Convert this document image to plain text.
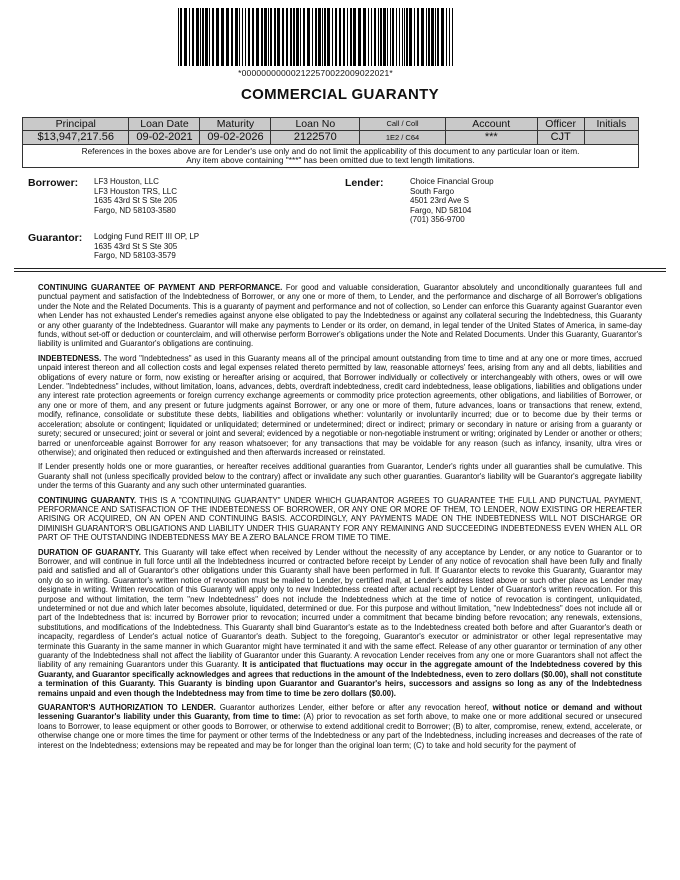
*000000000002122570022009022021*
COMMERCIAL GUARANTY
Principal	Loan Date	Maturity	Loan No	Call / Coll	Account	Officer	Initials
$13,947,217.56	09-02-2021	09-02-2026	2122570	1E2 / C64	***	CJT	
References in the boxes above are for Lender's use only and do not limit the applicability of this document to any particular loan or item.
Any item above containing "***" has been omitted due to text length limitations.							
Borrower: LF3 Houston, LLC
LF3 Houston TRS, LLC
1635 43rd St S Ste 205
Fargo, ND 58103-3580
Lender:	Choice Financial Group
South Fargo
4501 23rd Ave S
Fargo, ND 58104
(701) 356-9700
Guarantor: Lodging Fund REIT III OP, LP
1635 43rd St S Ste 305
Fargo, ND 58103-3579

CONTINUING GUARANTEE OF PAYMENT AND PERFORMANCE. For good and valuable consideration, Guarantor absolutely and unconditionally guarantees full and punctual payment and satisfaction of the Indebtedness of Borrower, or any one or more of them, to Lender, and the performance and discharge of all Borrower's obligations under the Note and the Related Documents. This is a guaranty of payment and performance and not of collection, so Lender can enforce this Guaranty against Guarantor even when Lender has not exhausted Lender's remedies against anyone else obligated to pay the Indebtedness or against any collateral securing the Indebtedness, this Guaranty or any other guaranty of the Indebtedness. Guarantor will make any payments to Lender or its order, on demand, in legal tender of the United States of America, in same-day funds, without set-off or deduction or counterclaim, and will otherwise perform Borrower's obligations under the Note and Related Documents. Under this Guaranty, Guarantor's liability is unlimited and Guarantor's obligations are continuing.

INDEBTEDNESS. The word "Indebtedness" as used in this Guaranty means all of the principal amount outstanding from time to time and at any one or more times, accrued unpaid interest thereon and all collection costs and legal expenses related thereto permitted by law, reasonable attorneys' fees, arising from any and all debts, liabilities and obligations of every nature or form, now existing or hereafter arising or acquired, that Borrower individually or collectively or interchangeably with others, owes or will owe Lender. "Indebtedness" includes, without limitation, loans, advances, debts, overdraft indebtedness, credit card indebtedness, lease obligations, liabilities and obligations under any interest rate protection agreements or foreign currency exchange agreements or commodity price protection agreements, other obligations, and liabilities of Borrower, or any one or more of them, and any present or future judgments against Borrower, or any one or more of them, future advances, loans or transactions that renew, extend, modify, refinance, consolidate or substitute these debts, liabilities and obligations whether: voluntarily or involuntarily incurred; due or to become due by their terms or acceleration; absolute or contingent; liquidated or unliquidated; determined or undetermined; direct or indirect; primary or secondary in nature or arising from a guaranty or surety; secured or unsecured; joint or several or joint and several; evidenced by a negotiable or non-negotiable instrument or writing; originated by Lender or another or others; barred or unenforceable against Borrower for any reason whatsoever; for any transactions that may be voidable for any reason (such as infancy, insanity, ultra vires or otherwise); and originated then reduced or extinguished and then afterwards increased or reinstated.

If Lender presently holds one or more guaranties, or hereafter receives additional guaranties from Guarantor, Lender's rights under all guaranties shall be cumulative. This Guaranty shall not (unless specifically provided below to the contrary) affect or invalidate any such other guaranties. Guarantor's liability will be Guarantor's aggregate liability under the terms of this Guaranty and any such other unterminated guaranties.

CONTINUING GUARANTY. THIS IS A "CONTINUING GUARANTY" UNDER WHICH GUARANTOR AGREES TO GUARANTEE THE FULL AND PUNCTUAL PAYMENT, PERFORMANCE AND SATISFACTION OF THE INDEBTEDNESS OF BORROWER, OR ANY ONE OR MORE OF THEM, TO LENDER, NOW EXISTING OR HEREAFTER ARISING OR ACQUIRED, ON AN OPEN AND CONTINUING BASIS. ACCORDINGLY, ANY PAYMENTS MADE ON THE INDEBTEDNESS WILL NOT DISCHARGE OR DIMINISH GUARANTOR'S OBLIGATIONS AND LIABILITY UNDER THIS GUARANTY FOR ANY REMAINING AND SUCCEEDING INDEBTEDNESS EVEN WHEN ALL OR PART OF THE OUTSTANDING INDEBTEDNESS MAY BE A ZERO BALANCE FROM TIME TO TIME.

DURATION OF GUARANTY. This Guaranty will take effect when received by Lender without the necessity of any acceptance by Lender, or any notice to Guarantor or to Borrower, and will continue in full force until all the Indebtedness incurred or contracted before receipt by Lender of any notice of revocation shall have been fully and finally paid and satisfied and all of Guarantor's other obligations under this Guaranty shall have been performed in full. If Guarantor elects to revoke this Guaranty, Guarantor may only do so in writing. Guarantor's written notice of revocation must be mailed to Lender, by certified mail, at Lender's address listed above or such other place as Lender may designate in writing. Written revocation of this Guaranty will apply only to new Indebtedness created after actual receipt by Lender of Guarantor's written revocation. For this purpose and without limitation, the term "new Indebtedness" does not include the Indebtedness which at the time of notice of revocation is contingent, unliquidated, undetermined or not due and which later becomes absolute, liquidated, determined or due. For this purpose and without limitation, "new Indebtedness" does not include all or part of the Indebtedness that is: incurred by Borrower prior to revocation; incurred under a commitment that became binding before revocation; any renewals, extensions, substitutions, and modifications of the Indebtedness. This Guaranty shall bind Guarantor's estate as to the Indebtedness created both before and after Guarantor's death or incapacity, regardless of Lender's actual notice of Guarantor's death. Subject to the foregoing, Guarantor's executor or administrator or other legal representative may terminate this Guaranty in the same manner in which Guarantor might have terminated it and with the same effect. Release of any other guarantor or termination of any other guaranty of the Indebtedness shall not affect the liability of Guarantor under this Guaranty. A revocation Lender receives from any one or more Guarantors shall not affect the liability of any remaining Guarantors under this Guaranty. It is anticipated that fluctuations may occur in the aggregate amount of the Indebtedness covered by this Guaranty, and Guarantor specifically acknowledges and agrees that reductions in the amount of the Indebtedness, even to zero dollars ($0.00), shall not constitute a termination of this Guaranty. This Guaranty is binding upon Guarantor and Guarantor's heirs, successors and assigns so long as any of the Indebtedness remains unpaid and even though the Indebtedness may from time to time be zero dollars ($0.00).

GUARANTOR'S AUTHORIZATION TO LENDER. Guarantor authorizes Lender, either before or after any revocation hereof, without notice or demand and without lessening Guarantor's liability under this Guaranty, from time to time: (A) prior to revocation as set forth above, to make one or more additional secured or unsecured loans to Borrower, to lease equipment or other goods to Borrower, or otherwise to extend additional credit to Borrower; (B) to alter, compromise, renew, extend, accelerate, or otherwise change one or more times the time for payment or other terms of the Indebtedness or any part of the Indebtedness, including increases and decreases of the rate of interest on the Indebtedness; extensions may be repeated and may be for longer than the original loan term; (C) to take and hold security for the payment of
